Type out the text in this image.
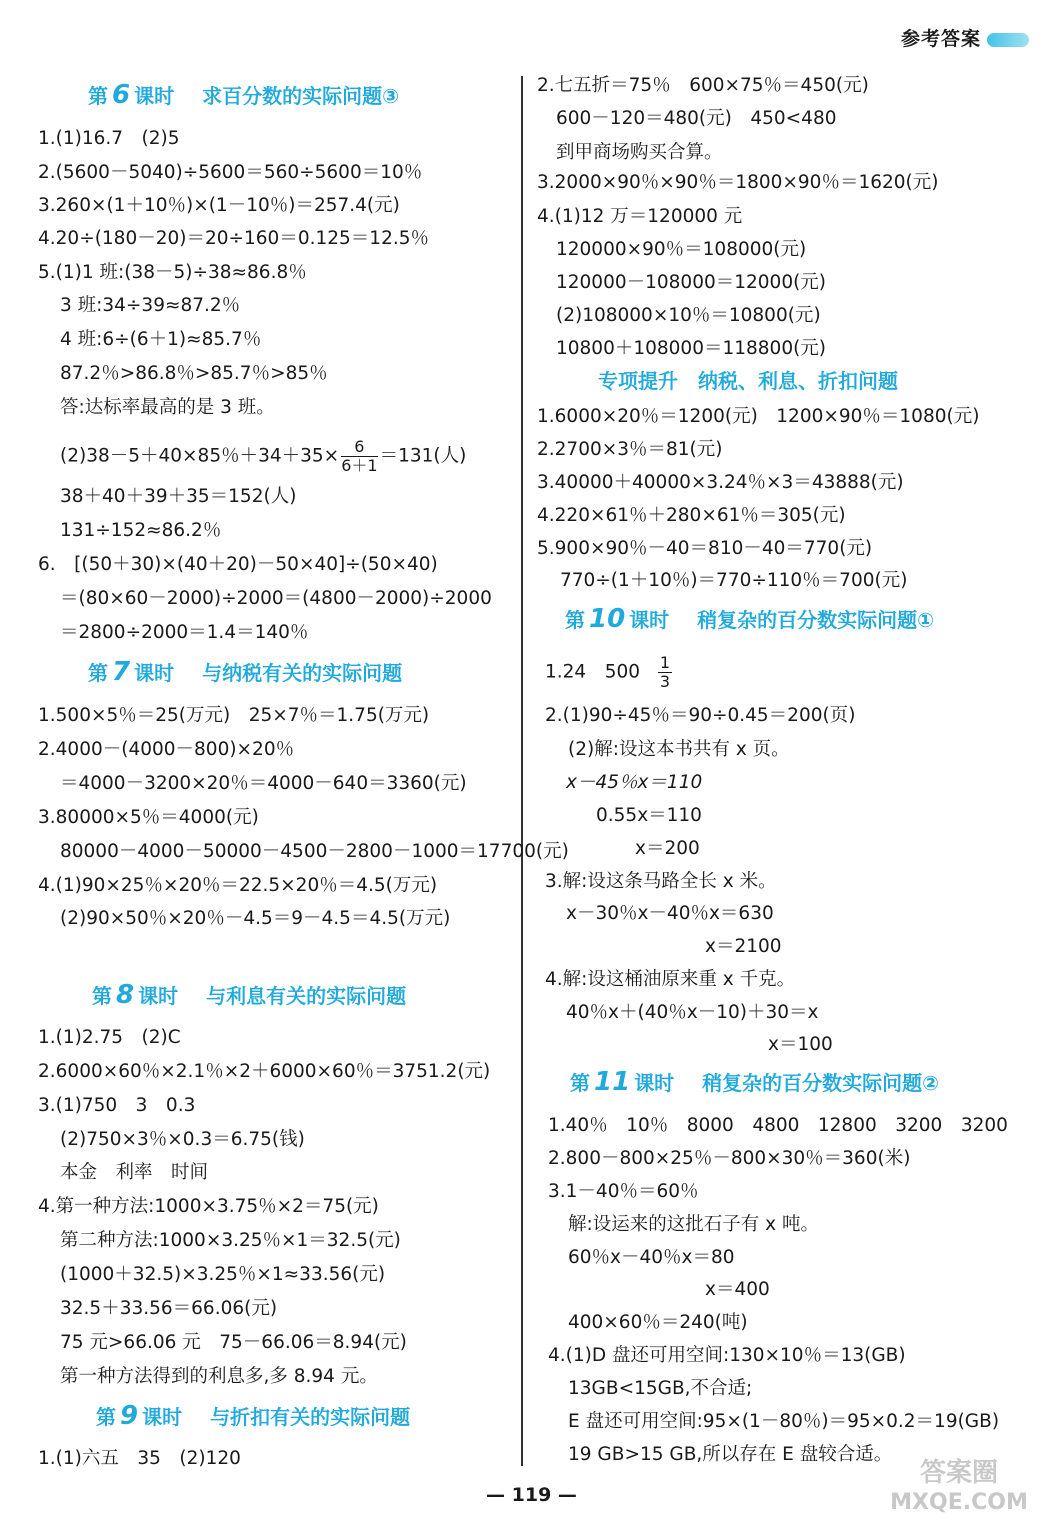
参考答案
第 6 课时 求百分数的实际问题③
1.(1)16.7　(2)5
2.(5600－5040)÷5600＝560÷5600＝10％
3.260×(1＋10％)×(1－10％)＝257.4(元)
4.20÷(180－20)＝20÷160＝0.125＝12.5％
5.(1)1 班:(38－5)÷38≈86.8％
3 班:34÷39≈87.2％
4 班:6÷(6＋1)≈85.7％
87.2％>86.8％>85.7％>85％
答:达标率最高的是 3 班。
(2)38－5＋40×85％$+34+35\times \frac{6}{6+1} =131$(人)
38＋40＋39＋35＝152(人)
131÷152≈86.2％
6.　[(50＋30)×(40＋20)－50×40]÷(50×40)
＝(80×60－2000)÷2000＝(4800－2000)÷2000
＝2800÷2000＝1.4＝140％
第 7 课时 与纳税有关的实际问题
1.500×5％＝25(万元)　25×7％＝1.75(万元)
2.4000－(4000－800)×20％
＝4000－3200×20％＝4000－640＝3360(元)
3.80000×5％＝4000(元)
80000－4000－50000－4500－2800－1000＝17700(元)
4.(1)90×25％×20％＝22.5×20％＝4.5(万元)
(2)90×50％×20％－4.5＝9－4.5＝4.5(万元)
第 8 课时 与利息有关的实际问题
1.(1)2.75　(2)C
2.6000×60％×2.1％×2＋6000×60％＝3751.2(元)
3.(1)750　3　0.3
(2)750×3％×0.3＝6.75(钱)
本金　利率　时间
4.第一种方法:1000×3.75％×2＝75(元)
第二种方法:1000×3.25％×1＝32.5(元)
(1000＋32.5)×3.25％×1≈33.56(元)
32.5＋33.56＝66.06(元)
75 元>66.06 元　75－66.06＝8.94(元)
第一种方法得到的利息多,多 8.94 元。
第 9 课时 与折扣有关的实际问题
1.(1)六五　35　(2)120
2.七五折＝75％　600×75％＝450(元)
600－120＝480(元)　450<480
到甲商场购买合算。
3.2000×90％×90％＝1800×90％＝1620(元)
4.(1)12 万＝120000 元
120000×90％＝108000(元)
120000－108000＝12000(元)
(2)108000×10％＝10800(元)
10800＋108000＝118800(元)
专项提升　纳税、利息、折扣问题
1.6000×20％＝1200(元)　1200×90％＝1080(元)
2.2700×3％＝81(元)
3.40000＋40000×3.24％×3＝43888(元)
4.220×61％＋280×61％＝305(元)
5.900×90％－40＝810－40＝770(元)
770÷(1＋10％)＝770÷110％＝700(元)
第 10 课时 稍复杂的百分数实际问题①
1.24　$500 \frac{1}{3}$
2.(1)90÷45％＝90÷0.45＝200(页)
(2)解:设这本书共有 x 页。
x－45％x＝110
0.55x＝110
x＝200
3.解:设这条马路全长 x 米。
x－30％x－40％x＝630
x＝2100
4.解:设这桶油原来重 x 千克。
40％x＋(40％x－10)＋30＝x
x＝100
第 11 课时 稍复杂的百分数实际问题②
1.40％　10％　8000　4800　12800　3200　3200
2.800－800×25％－800×30％＝360(米)
3.1－40％＝60％
解:设运来的这批石子有 x 吨。
60％x－40％x＝80
x＝400
400×60％＝240(吨)
4.(1)D 盘还可用空间:130×10％＝13(GB)
13GB<15GB,不合适;
E 盘还可用空间:95×(1－80％)＝95×0.2＝19(GB)
19 GB>15 GB,所以存在 E 盘较合适。
— 119 —
答案圈
MXQE.COM
